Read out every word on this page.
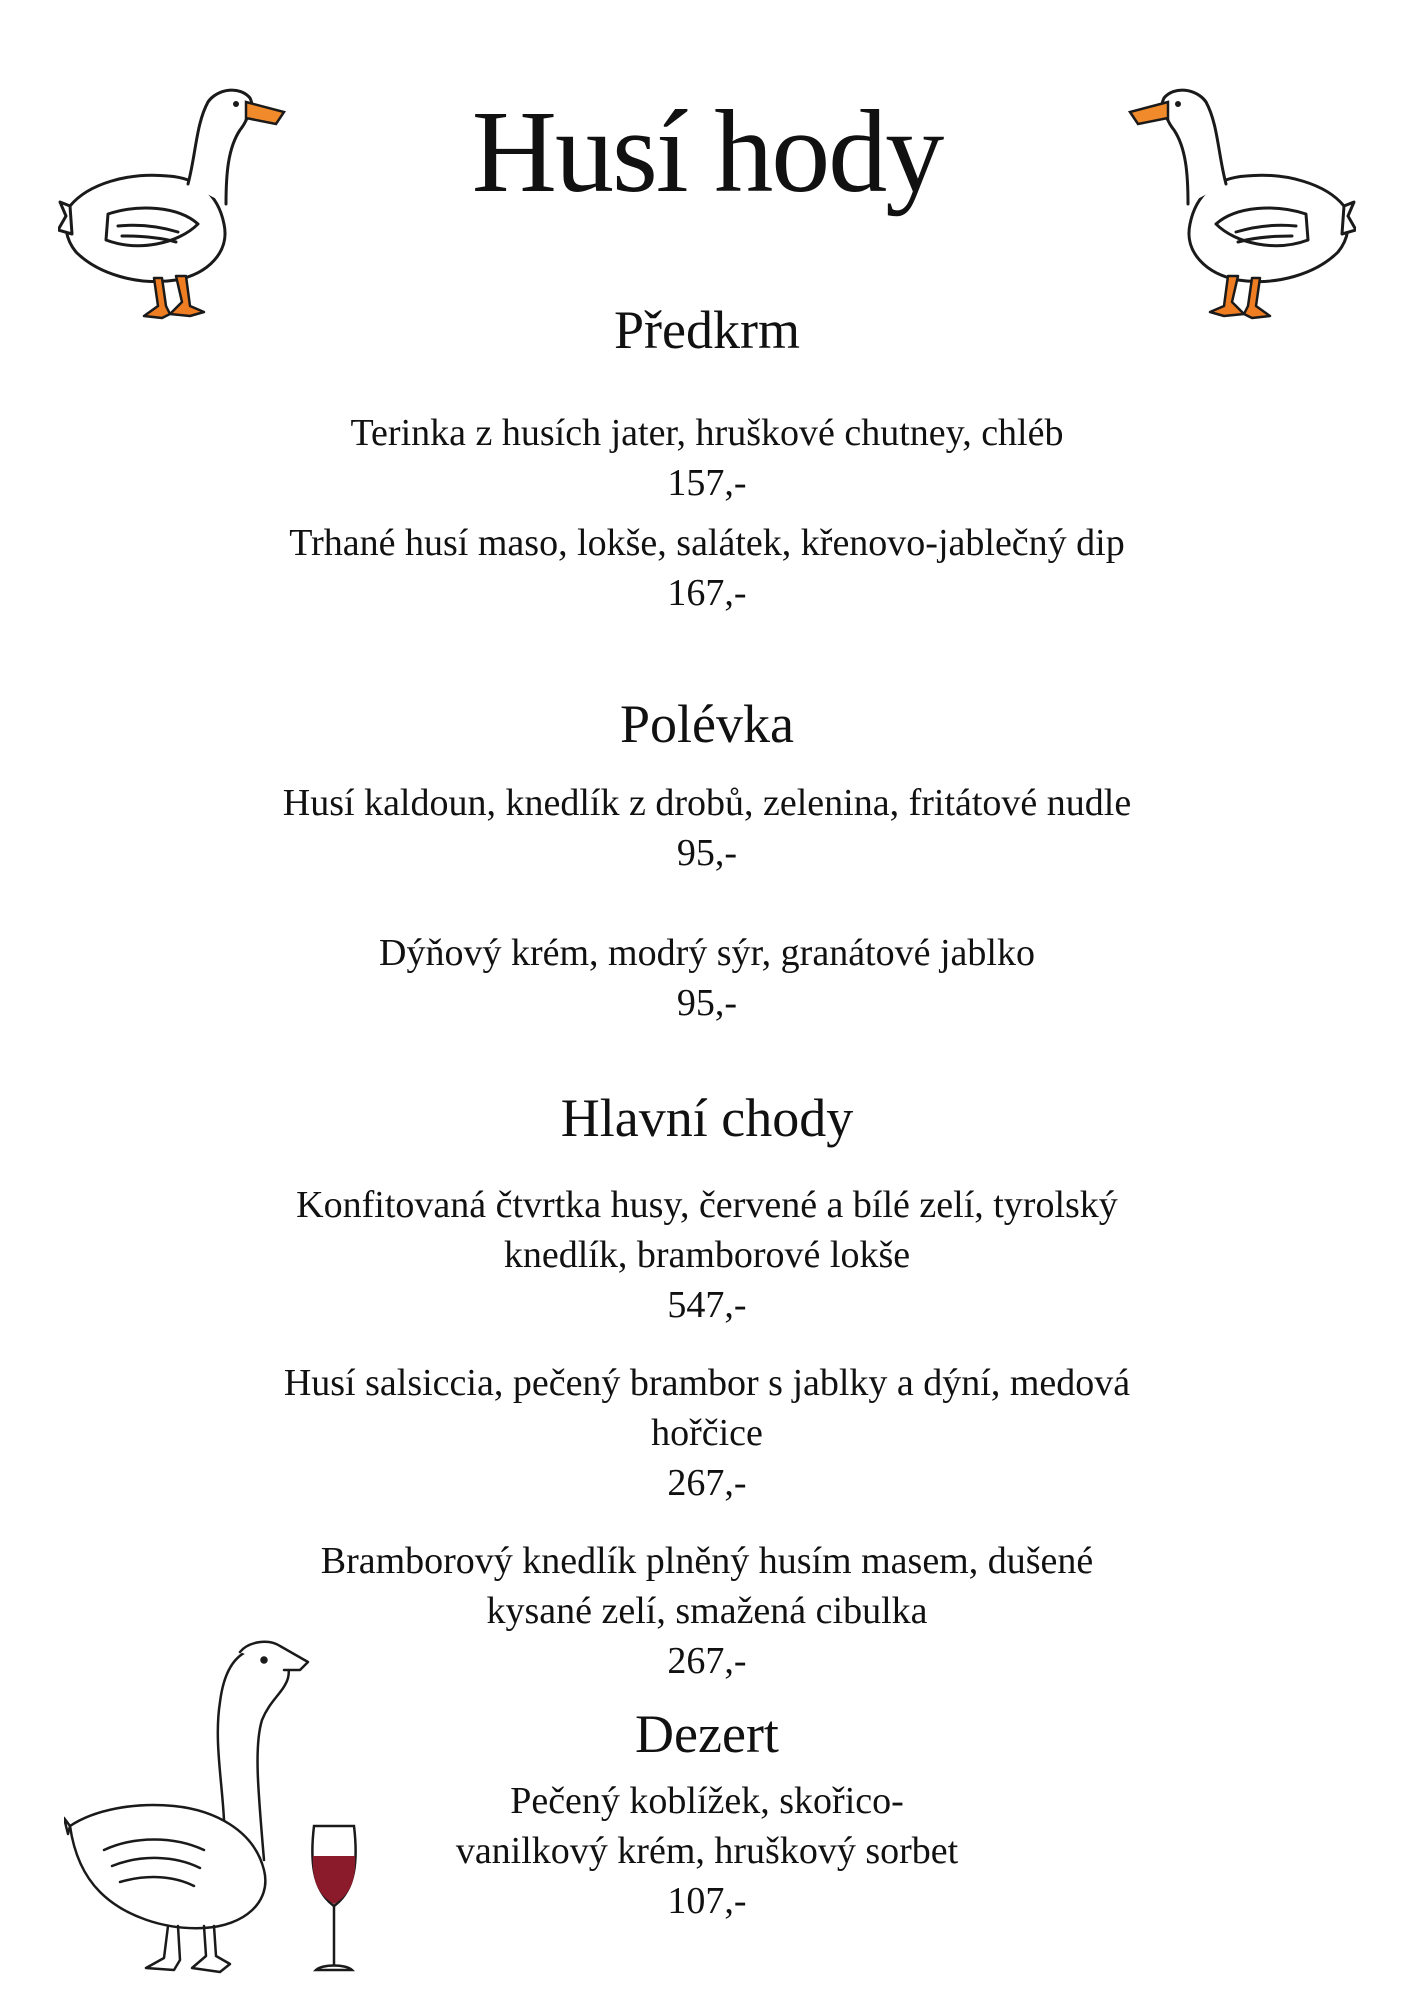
Husí hody
Předkrm
Terinka z husích jater, hruškové chutney, chléb
157,-
Trhané husí maso, lokše, salátek, křenovo-jablečný dip
167,-
Polévka
Husí kaldoun, knedlík z drobů, zelenina, fritátové nudle
95,-
Dýňový krém, modrý sýr, granátové jablko
95,-
Hlavní chody
Konfitovaná čtvrtka husy, červené a bílé zelí, tyrolský knedlík, bramborové lokše
547,-
Husí salsiccia, pečený brambor s jablky a dýní, medová hořčice
267,-
Bramborový knedlík plněný husím masem, dušené kysané zelí, smažená cibulka
267,-
Dezert
Pečený koblížek, skořico-vanilkový krém, hruškový sorbet
107,-
